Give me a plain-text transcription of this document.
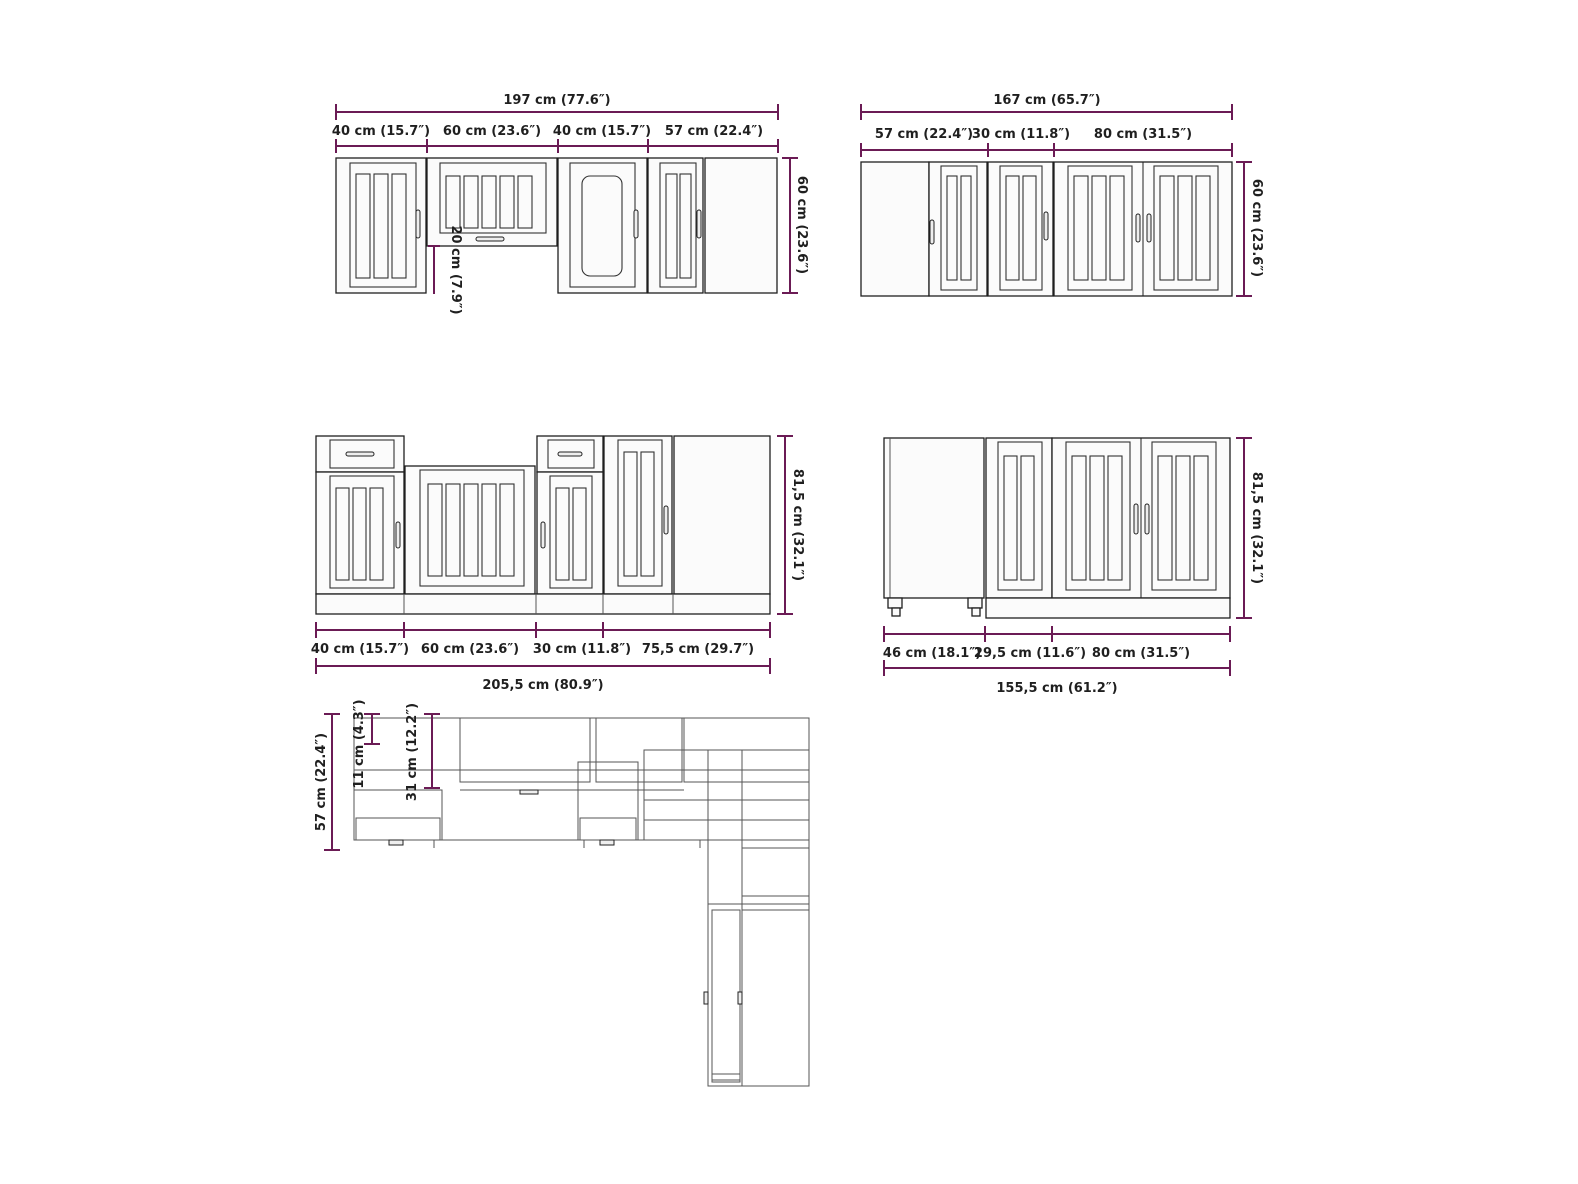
197 cm (77.6″)
40 cm (15.7″) 60 cm (23.6″) 40 cm (15.7″) 57 cm (22.4″)
60 cm (23.6″)
20 cm (7.9″)
167 cm (65.7″)
57 cm (22.4″)
30 cm (11.8″) 80 cm (31.5″)
60 cm (23.6″)
81,5 cm (32.1″)
40 cm (15.7″) 60 cm (23.6″) 30 cm (11.8″) 75,5 cm (29.7″)
205,5 cm (80.9″)
81,5 cm (32.1″)
46 cm (18.1″)
29,5 cm (11.6″) 80 cm (31.5″)
155,5 cm (61.2″)
57 cm (22.4″) 11 cm (4.3″)	31 cm (12.2″)
